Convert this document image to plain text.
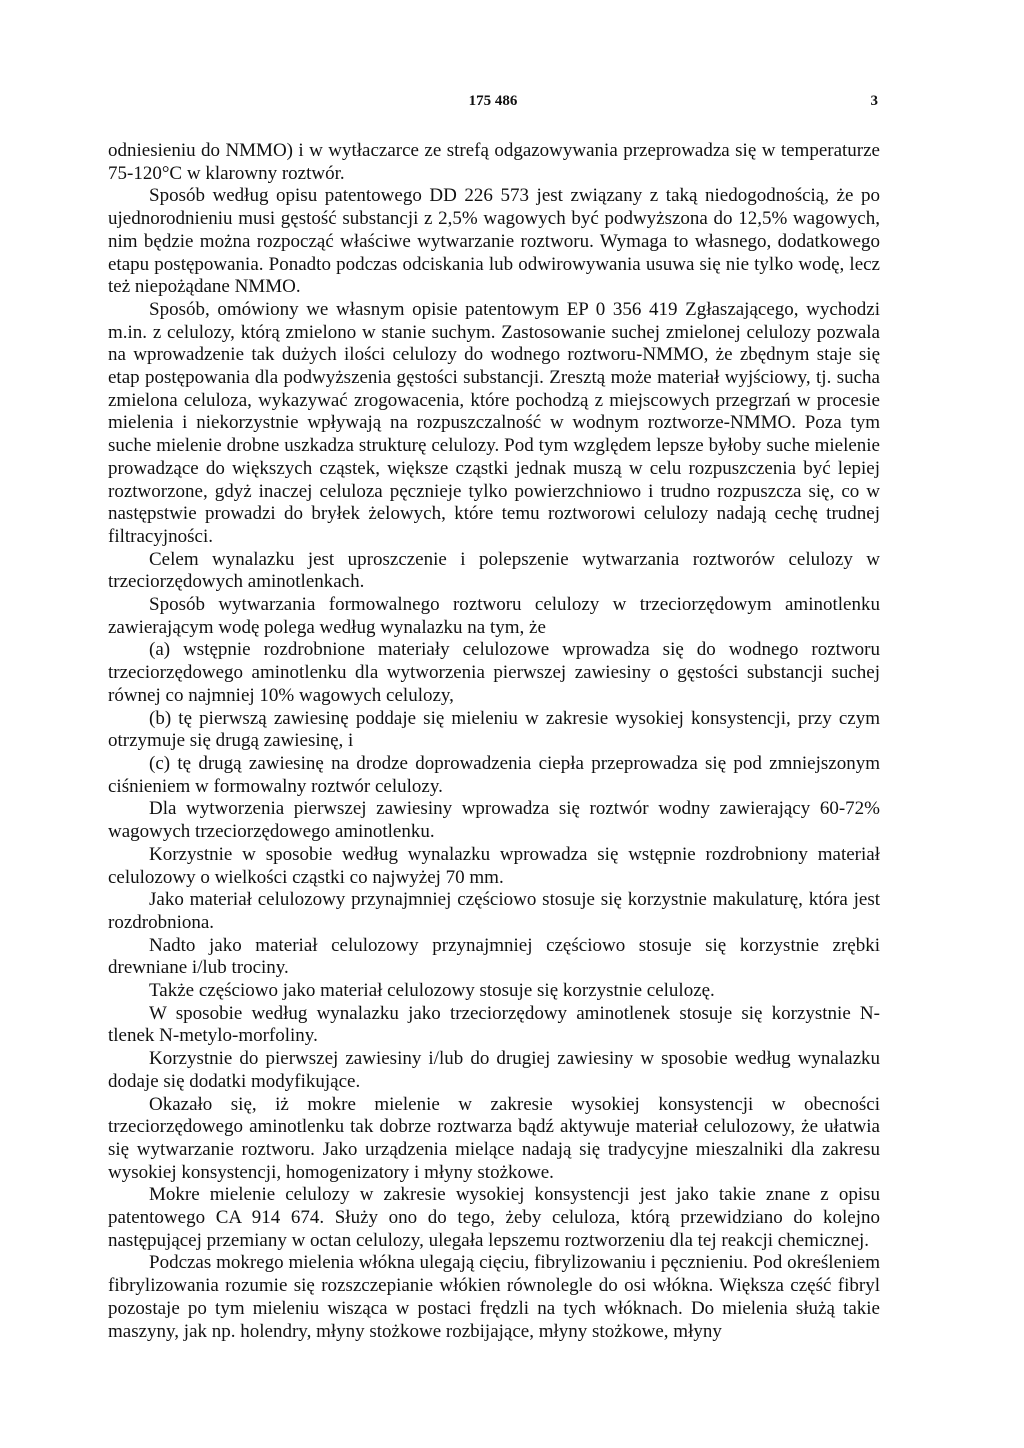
175 486	3

odniesieniu do NMMO) i w wytłaczarce ze strefą odgazowywania przeprowadza się w temperaturze 75-120°C w klarowny roztwór.

Sposób według opisu patentowego DD 226 573 jest związany z taką niedogodnością, że po ujednorodnieniu musi gęstość substancji z 2,5% wagowych być podwyższona do 12,5% wagowych, nim będzie można rozpocząć właściwe wytwarzanie roztworu. Wymaga to własnego, dodatkowego etapu postępowania. Ponadto podczas odciskania lub odwirowywania usuwa się nie tylko wodę, lecz też niepożądane NMMO.

Sposób, omówiony we własnym opisie patentowym EP 0 356 419 Zgłaszającego, wychodzi m.in. z celulozy, którą zmielono w stanie suchym. Zastosowanie suchej zmielonej celulozy pozwala na wprowadzenie tak dużych ilości celulozy do wodnego roztworu-NMMO, że zbędnym staje się etap postępowania dla podwyższenia gęstości substancji. Zresztą może materiał wyjściowy, tj. sucha zmielona celuloza, wykazywać zrogowacenia, które pochodzą z miejscowych przegrzań w procesie mielenia i niekorzystnie wpływają na rozpuszczalność w wodnym roztworze-NMMO. Poza tym suche mielenie drobne uszkadza strukturę celulozy. Pod tym względem lepsze byłoby suche mielenie prowadzące do większych cząstek, większe cząstki jednak muszą w celu rozpuszczenia być lepiej roztworzone, gdyż inaczej celuloza pęcznieje tylko powierzchniowo i trudno rozpuszcza się, co w następstwie prowadzi do bryłek żelowych, które temu roztworowi celulozy nadają cechę trudnej filtracyjności.

Celem wynalazku jest uproszczenie i polepszenie wytwarzania roztworów celulozy w trzeciorzędowych aminotlenkach.

Sposób wytwarzania formowalnego roztworu celulozy w trzeciorzędowym aminotlenku zawierającym wodę polega według wynalazku na tym, że

(a) wstępnie rozdrobnione materiały celulozowe wprowadza się do wodnego roztworu trzeciorzędowego aminotlenku dla wytworzenia pierwszej zawiesiny o gęstości substancji suchej równej co najmniej 10% wagowych celulozy,

(b) tę pierwszą zawiesinę poddaje się mieleniu w zakresie wysokiej konsystencji, przy czym otrzymuje się drugą zawiesinę, i

(c) tę drugą zawiesinę na drodze doprowadzenia ciepła przeprowadza się pod zmniejszonym ciśnieniem w formowalny roztwór celulozy.

Dla wytworzenia pierwszej zawiesiny wprowadza się roztwór wodny zawierający 60-72% wagowych trzeciorzędowego aminotlenku.

Korzystnie w sposobie według wynalazku wprowadza się wstępnie rozdrobniony materiał celulozowy o wielkości cząstki co najwyżej 70 mm.

Jako materiał celulozowy przynajmniej częściowo stosuje się korzystnie makulaturę, która jest rozdrobniona.

Nadto jako materiał celulozowy przynajmniej częściowo stosuje się korzystnie zrębki drewniane i/lub trociny.

Także częściowo jako materiał celulozowy stosuje się korzystnie celulozę.

W sposobie według wynalazku jako trzeciorzędowy aminotlenek stosuje się korzystnie N-tlenek N-metylo-morfoliny.

Korzystnie do pierwszej zawiesiny i/lub do drugiej zawiesiny w sposobie według wynalazku dodaje się dodatki modyfikujące.

Okazało się, iż mokre mielenie w zakresie wysokiej konsystencji w obecności trzeciorzędowego aminotlenku tak dobrze roztwarza bądź aktywuje materiał celulozowy, że ułatwia się wytwarzanie roztworu. Jako urządzenia mielące nadają się tradycyjne mieszalniki dla zakresu wysokiej konsystencji, homogenizatory i młyny stożkowe.

Mokre mielenie celulozy w zakresie wysokiej konsystencji jest jako takie znane z opisu patentowego CA 914 674. Służy ono do tego, żeby celuloza, którą przewidziano do kolejno następującej przemiany w octan celulozy, ulegała lepszemu roztworzeniu dla tej reakcji chemicznej.

Podczas mokrego mielenia włókna ulegają cięciu, fibrylizowaniu i pęcznieniu. Pod określeniem fibrylizowania rozumie się rozszczepianie włókien równolegle do osi włókna. Większa część fibryl pozostaje po tym mieleniu wisząca w postaci frędzli na tych włóknach. Do mielenia służą takie maszyny, jak np. holendry, młyny stożkowe rozbijające, młyny stożkowe, młyny
